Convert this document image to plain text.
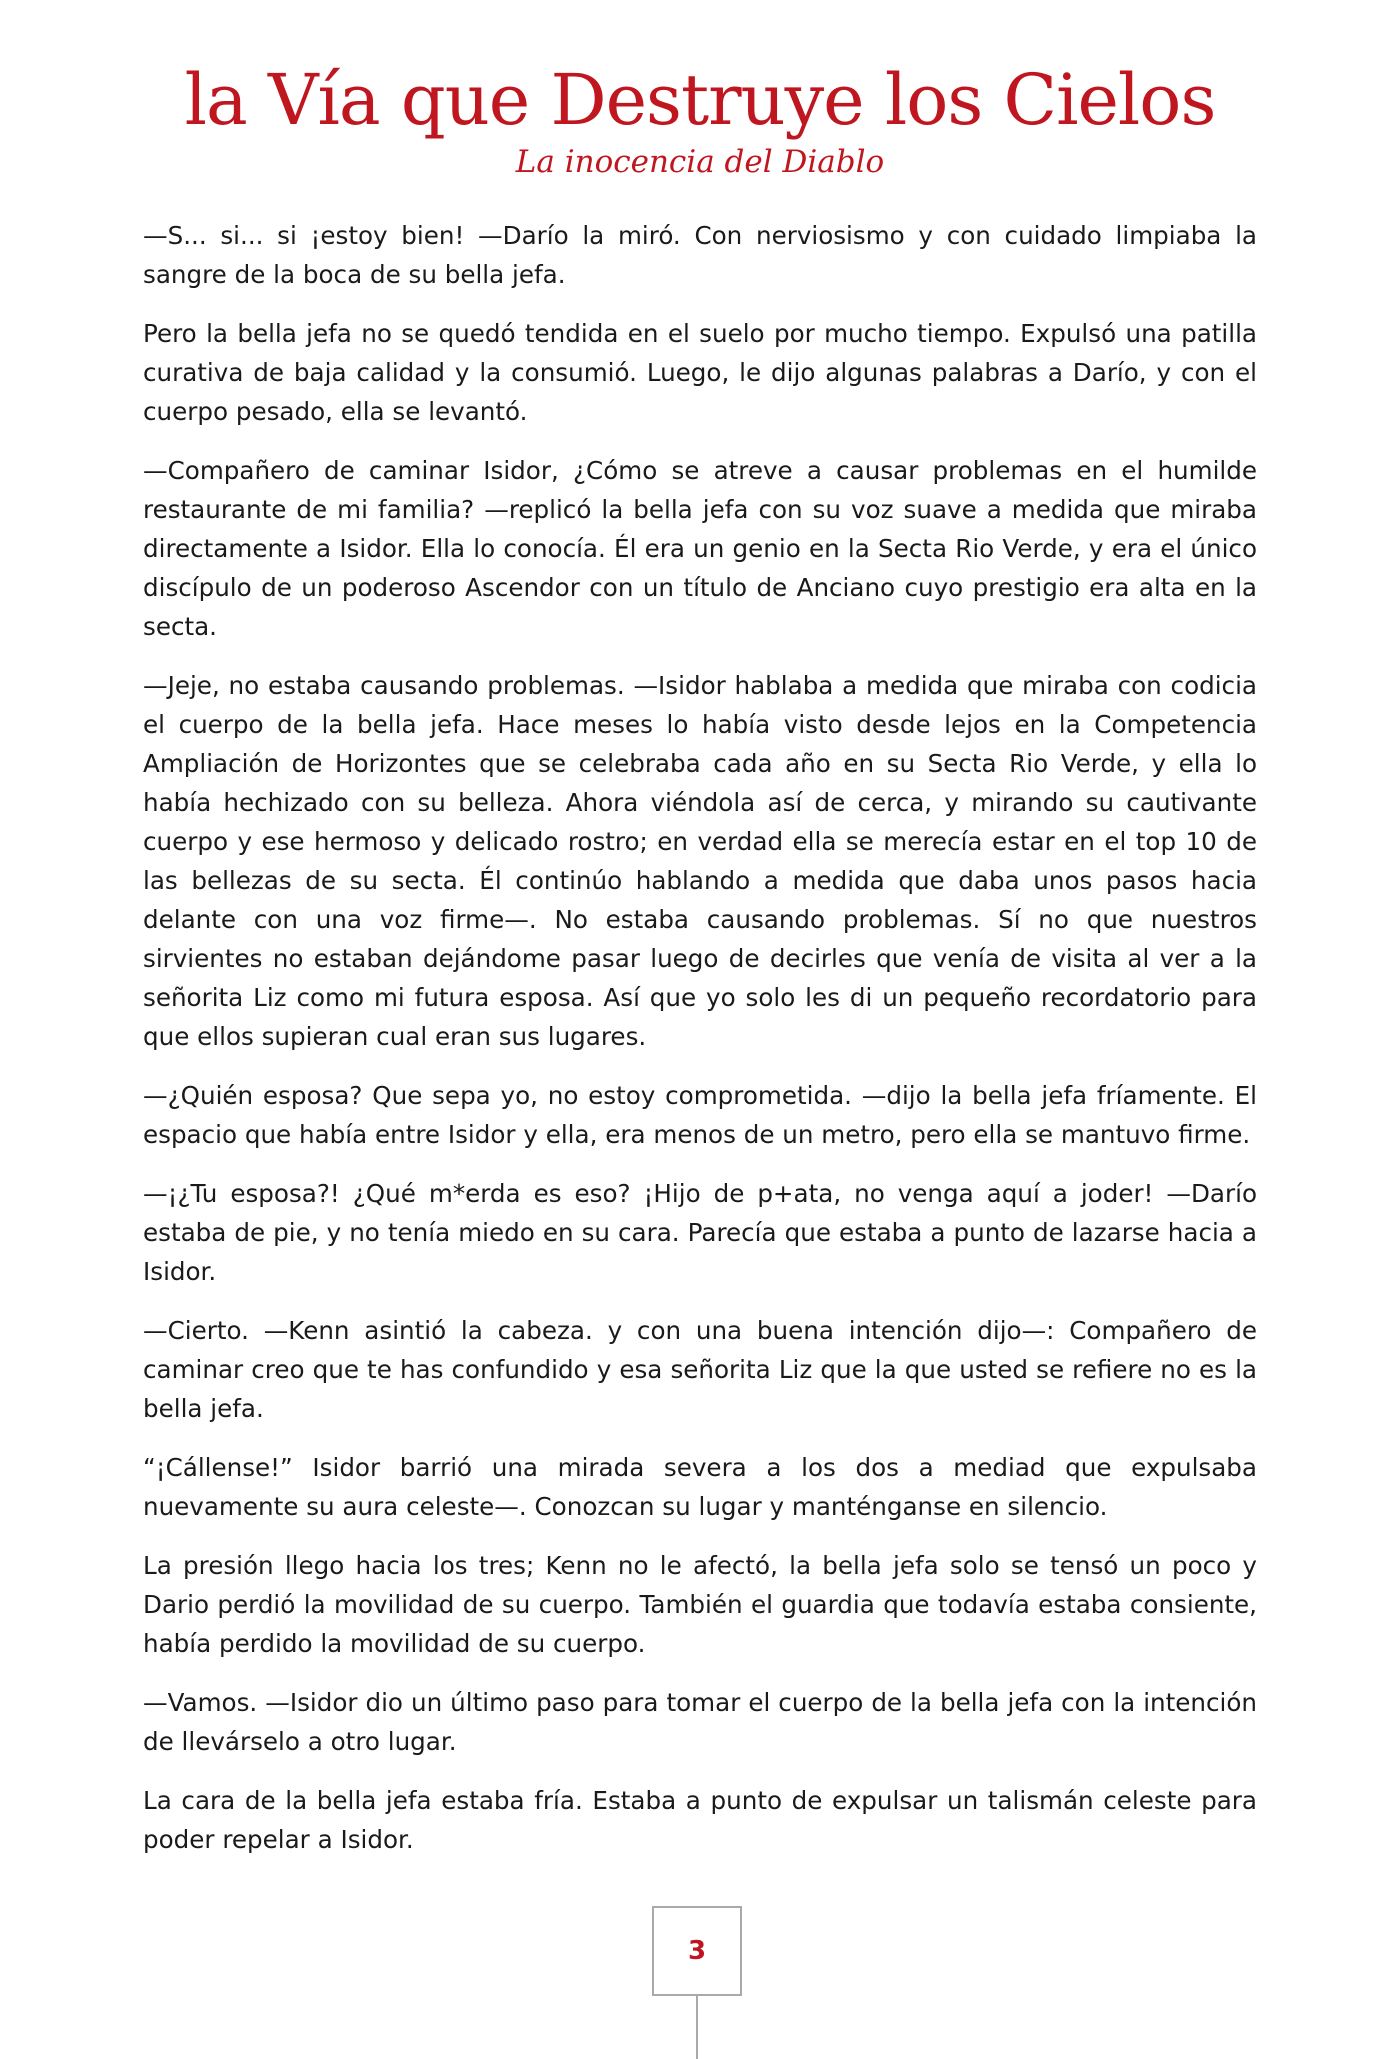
la Vía que Destruye los Cielos
La inocencia del Diablo

—S... si... si ¡estoy bien! —Darío la miró. Con nerviosismo y con cuidado limpiaba la sangre de la boca de su bella jefa.

Pero la bella jefa no se quedó tendida en el suelo por mucho tiempo. Expulsó una patilla curativa de baja calidad y la consumió. Luego, le dijo algunas palabras a Darío, y con el cuerpo pesado, ella se levantó.

—Compañero de caminar Isidor, ¿Cómo se atreve a causar problemas en el humilde restaurante de mi familia? —replicó la bella jefa con su voz suave a medida que miraba directamente a Isidor. Ella lo conocía. Él era un genio en la Secta Rio Verde, y era el único discípulo de un poderoso Ascendor con un título de Anciano cuyo prestigio era alta en la secta.

—Jeje, no estaba causando problemas. —Isidor hablaba a medida que miraba con codicia el cuerpo de la bella jefa. Hace meses lo había visto desde lejos en la Competencia Ampliación de Horizontes que se celebraba cada año en su Secta Rio Verde, y ella lo había hechizado con su belleza. Ahora viéndola así de cerca, y mirando su cautivante cuerpo y ese hermoso y delicado rostro; en verdad ella se merecía estar en el top 10 de las bellezas de su secta. Él continúo hablando a medida que daba unos pasos hacia delante con una voz firme—. No estaba causando problemas. Sí no que nuestros sirvientes no estaban dejándome pasar luego de decirles que venía de visita al ver a la señorita Liz como mi futura esposa. Así que yo solo les di un pequeño recordatorio para que ellos supieran cual eran sus lugares.

—¿Quién esposa? Que sepa yo, no estoy comprometida. —dijo la bella jefa fríamente. El espacio que había entre Isidor y ella, era menos de un metro, pero ella se mantuvo firme.

—¡¿Tu esposa?! ¿Qué m*erda es eso? ¡Hijo de p+ata, no venga aquí a joder! —Darío estaba de pie, y no tenía miedo en su cara. Parecía que estaba a punto de lazarse hacia a Isidor.

—Cierto. —Kenn asintió la cabeza. y con una buena intención dijo—: Compañero de caminar creo que te has confundido y esa señorita Liz que la que usted se refiere no es la bella jefa.

“¡Cállense!” Isidor barrió una mirada severa a los dos a mediad que expulsaba nuevamente su aura celeste—. Conozcan su lugar y manténganse en silencio.

La presión llego hacia los tres; Kenn no le afectó, la bella jefa solo se tensó un poco y Dario perdió la movilidad de su cuerpo. También el guardia que todavía estaba consiente, había perdido la movilidad de su cuerpo.

—Vamos. —Isidor dio un último paso para tomar el cuerpo de la bella jefa con la intención de llevárselo a otro lugar.

La cara de la bella jefa estaba fría. Estaba a punto de expulsar un talismán celeste para poder repelar a Isidor.

3
